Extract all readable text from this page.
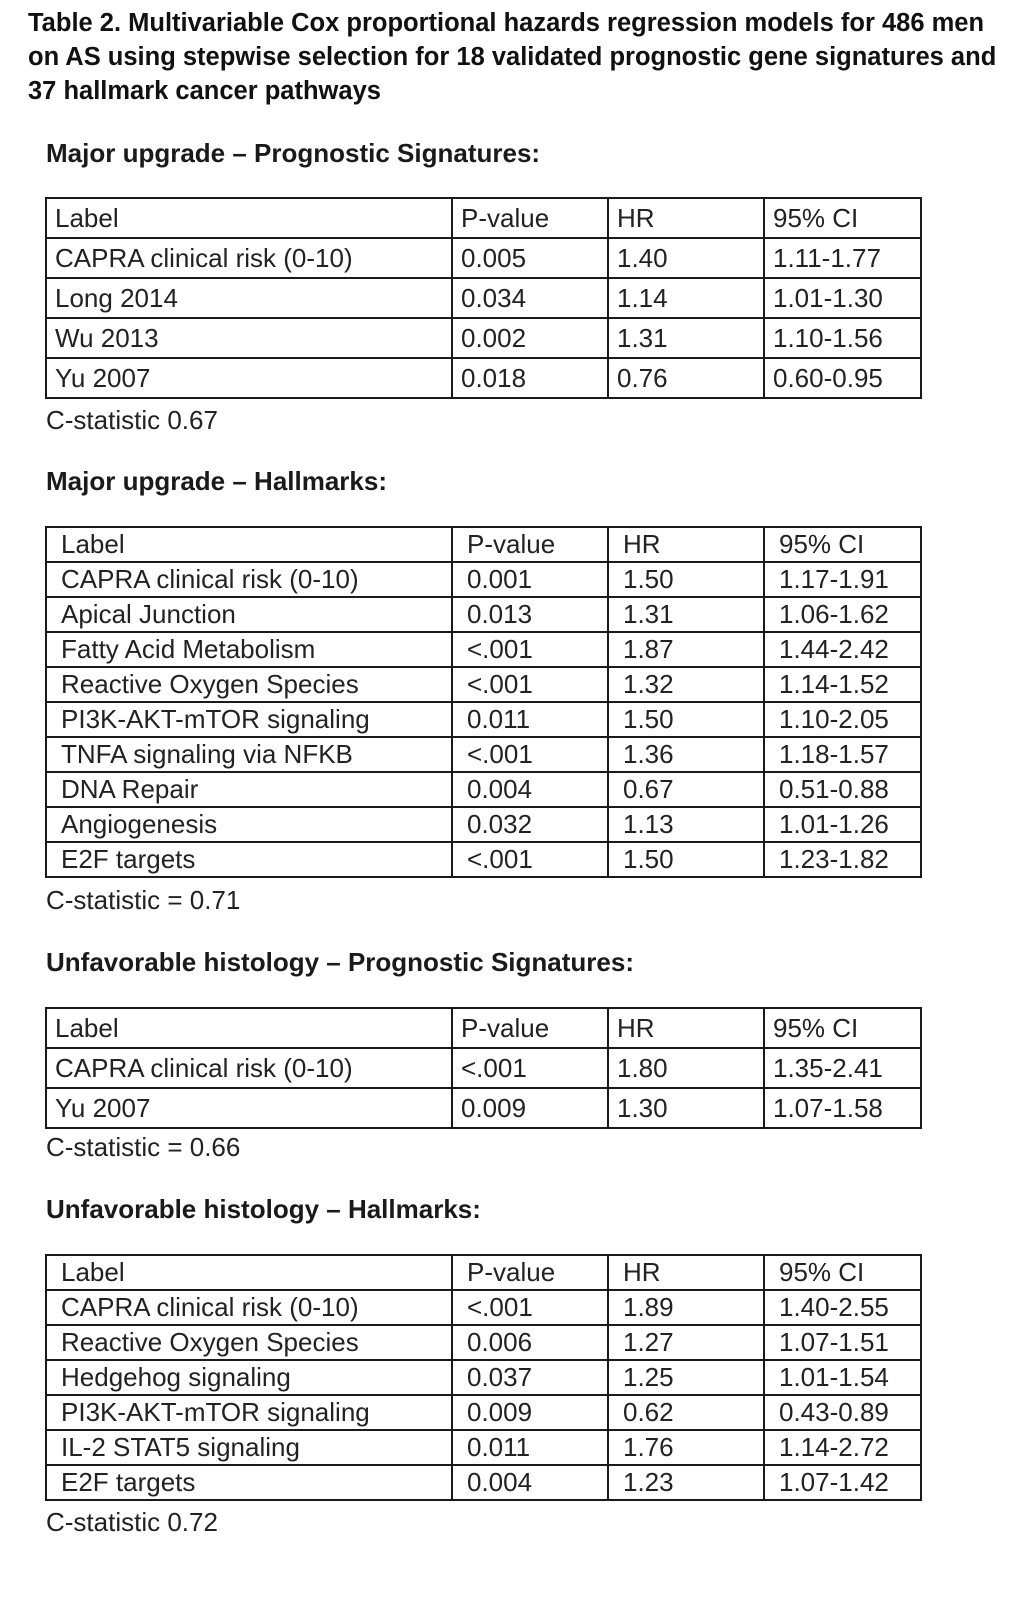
Table 2. Multivariable Cox proportional hazards regression models for 486 men on AS using stepwise selection for 18 validated prognostic gene signatures and 37 hallmark cancer pathways
Major upgrade – Prognostic Signatures:
Label	P-value	HR	95% CI
CAPRA clinical risk (0-10)	0.005	1.40	1.11-1.77
Long 2014	0.034	1.14	1.01-1.30
Wu 2013	0.002	1.31	1.10-1.56
Yu 2007	0.018	0.76	0.60-0.95

C-statistic 0.67

Major upgrade – Hallmarks:
Label	P-value	HR	95% CI
CAPRA clinical risk (0-10)	0.001	1.50	1.17-1.91
Apical Junction	0.013	1.31	1.06-1.62
Fatty Acid Metabolism	<.001	1.87	1.44-2.42
Reactive Oxygen Species	<.001	1.32	1.14-1.52
PI3K-AKT-mTOR signaling	0.011	1.50	1.10-2.05
TNFA signaling via NFKB	<.001	1.36	1.18-1.57
DNA Repair	0.004	0.67	0.51-0.88
Angiogenesis	0.032	1.13	1.01-1.26
E2F targets	<.001	1.50	1.23-1.82

C-statistic = 0.71

Unfavorable histology – Prognostic Signatures:
Label	P-value	HR	95% CI
CAPRA clinical risk (0-10)	<.001	1.80	1.35-2.41
Yu 2007	0.009	1.30	1.07-1.58

C-statistic = 0.66

Unfavorable histology – Hallmarks:
Label	P-value	HR	95% CI
CAPRA clinical risk (0-10)	<.001	1.89	1.40-2.55
Reactive Oxygen Species	0.006	1.27	1.07-1.51
Hedgehog signaling	0.037	1.25	1.01-1.54
PI3K-AKT-mTOR signaling	0.009	0.62	0.43-0.89
IL-2 STAT5 signaling	0.011	1.76	1.14-2.72
E2F targets	0.004	1.23	1.07-1.42

C-statistic 0.72
